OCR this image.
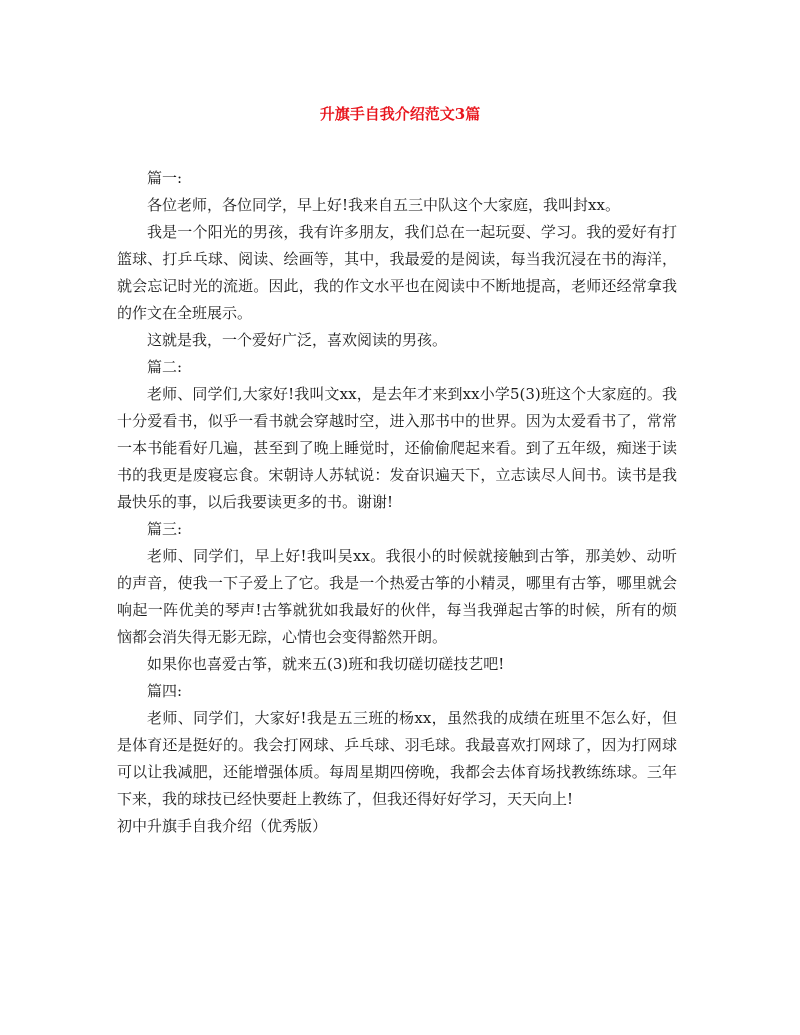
升旗手自我介绍范文3篇

篇一:

各位老师，各位同学，早上好!我来自五三中队这个大家庭，我叫封xx。

我是一个阳光的男孩，我有许多朋友，我们总在一起玩耍、学习。我的爱好有打篮球、打乒乓球、阅读、绘画等，其中，我最爱的是阅读，每当我沉浸在书的海洋，就会忘记时光的流逝。因此，我的作文水平也在阅读中不断地提高，老师还经常拿我的作文在全班展示。

这就是我，一个爱好广泛，喜欢阅读的男孩。

篇二:

老师、同学们,大家好!我叫文xx，是去年才来到xx小学5(3)班这个大家庭的。我十分爱看书，似乎一看书就会穿越时空，进入那书中的世界。因为太爱看书了，常常一本书能看好几遍，甚至到了晚上睡觉时，还偷偷爬起来看。到了五年级，痴迷于读书的我更是废寝忘食。宋朝诗人苏轼说：发奋识遍天下，立志读尽人间书。读书是我最快乐的事，以后我要读更多的书。谢谢!

篇三:

老师、同学们，早上好!我叫吴xx。我很小的时候就接触到古筝，那美妙、动听的声音，使我一下子爱上了它。我是一个热爱古筝的小精灵，哪里有古筝，哪里就会响起一阵优美的琴声!古筝就犹如我最好的伙伴，每当我弹起古筝的时候，所有的烦恼都会消失得无影无踪，心情也会变得豁然开朗。

如果你也喜爱古筝，就来五(3)班和我切磋切磋技艺吧!

篇四:

老师、同学们，大家好!我是五三班的杨xx，虽然我的成绩在班里不怎么好，但是体育还是挺好的。我会打网球、乒乓球、羽毛球。我最喜欢打网球了，因为打网球可以让我减肥，还能增强体质。每周星期四傍晚，我都会去体育场找教练练球。三年下来，我的球技已经快要赶上教练了，但我还得好好学习，天天向上!

初中升旗手自我介绍（优秀版）
